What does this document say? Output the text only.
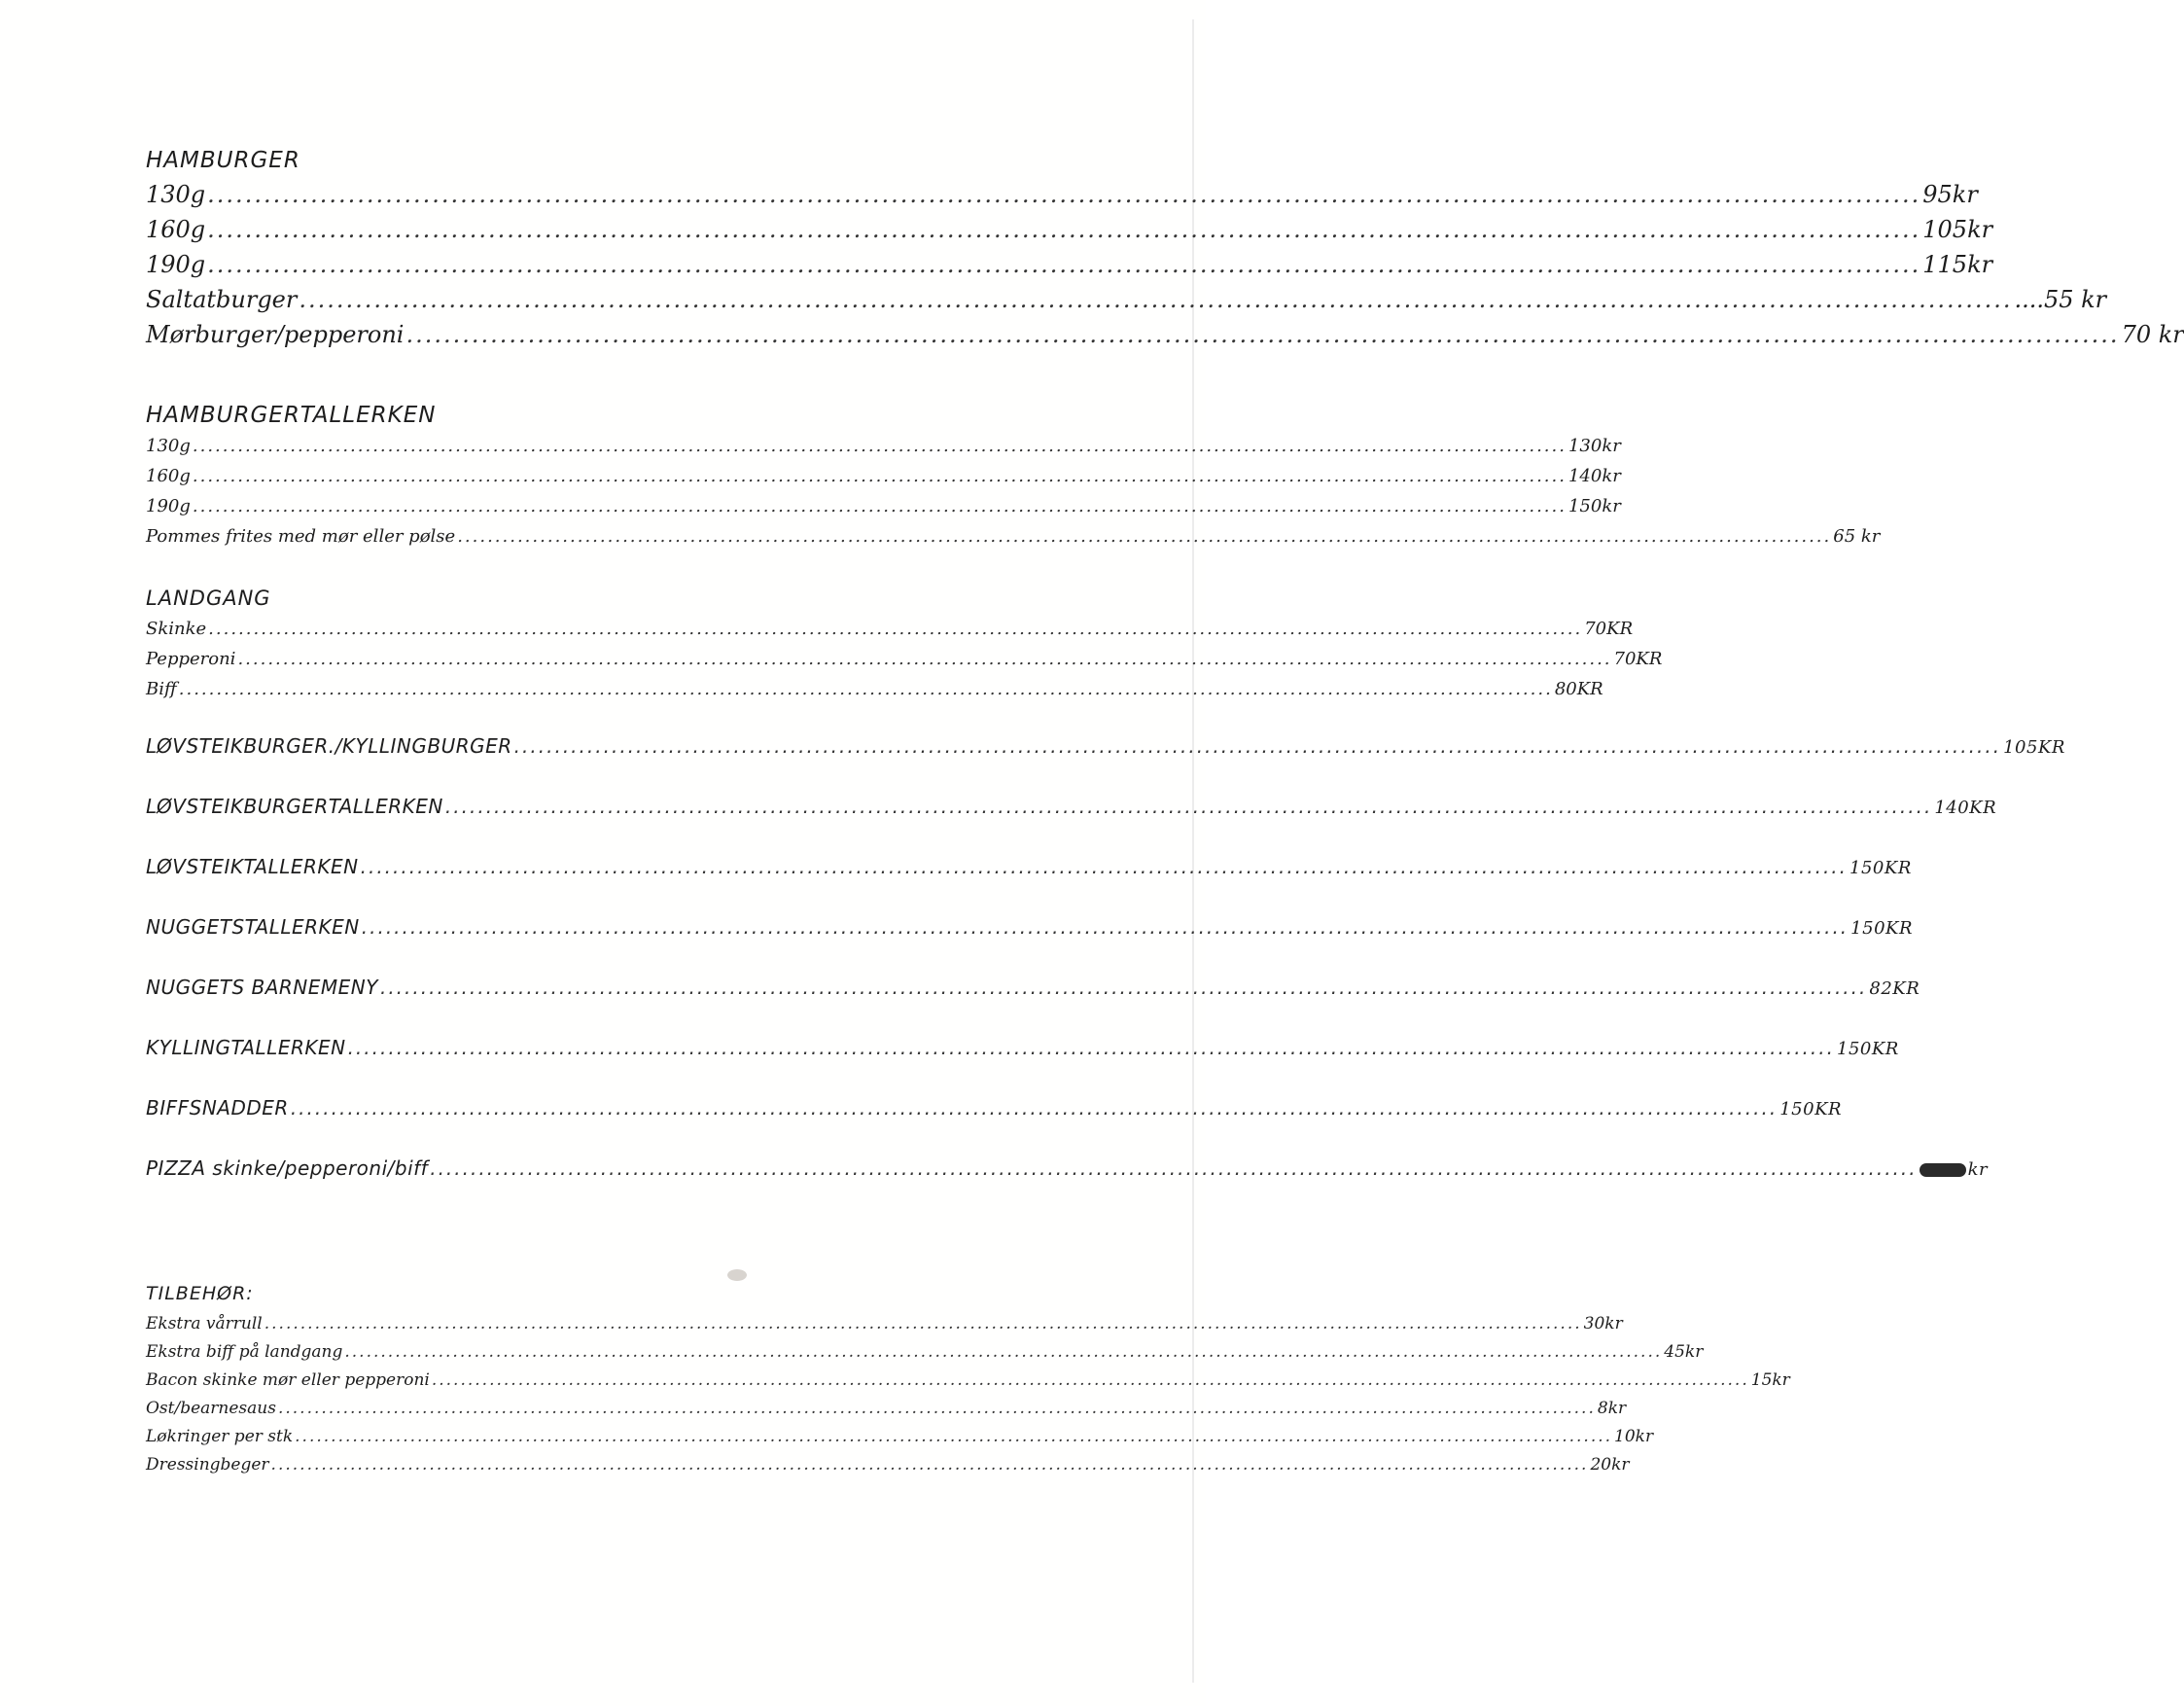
HAMBURGER
130g ....................................................................................................................................................................................... 95kr
160g ....................................................................................................................................................................................... 105kr
190g ....................................................................................................................................................................................... 115kr
Saltatburger ....................................................................................................................................................................................... ....55 kr
Mørburger/pepperoni ....................................................................................................................................................................................... 70 kr
HAMBURGERTALLERKEN
130g ....................................................................................................................................................................................... 130kr
160g ....................................................................................................................................................................................... 140kr
190g ....................................................................................................................................................................................... 150kr
Pommes frites med mør eller pølse ....................................................................................................................................................................................... 65 kr
LANDGANG
Skinke ....................................................................................................................................................................................... 70KR
Pepperoni ....................................................................................................................................................................................... 70KR
Biff ....................................................................................................................................................................................... 80KR
LØVSTEIKBURGER./KYLLINGBURGER ....................................................................................................................................................................................... 105KR
LØVSTEIKBURGERTALLERKEN ....................................................................................................................................................................................... 140KR
LØVSTEIKTALLERKEN ....................................................................................................................................................................................... 150KR
NUGGETSTALLERKEN ....................................................................................................................................................................................... 150KR
NUGGETS BARNEMENY ....................................................................................................................................................................................... 82KR
KYLLINGTALLERKEN ....................................................................................................................................................................................... 150KR
BIFFSNADDER ....................................................................................................................................................................................... 150KR
PIZZA skinke/pepperoni/biff .......................................................................................................................................................................................	kr
TILBEHØR:
Ekstra vårrull ....................................................................................................................................................................................... 30kr
Ekstra biff på landgang ....................................................................................................................................................................................... 45kr
Bacon skinke mør eller pepperoni ....................................................................................................................................................................................... 15kr
Ost/bearnesaus ....................................................................................................................................................................................... 8kr
Løkringer per stk ....................................................................................................................................................................................... 10kr
Dressingbeger ....................................................................................................................................................................................... 20kr
